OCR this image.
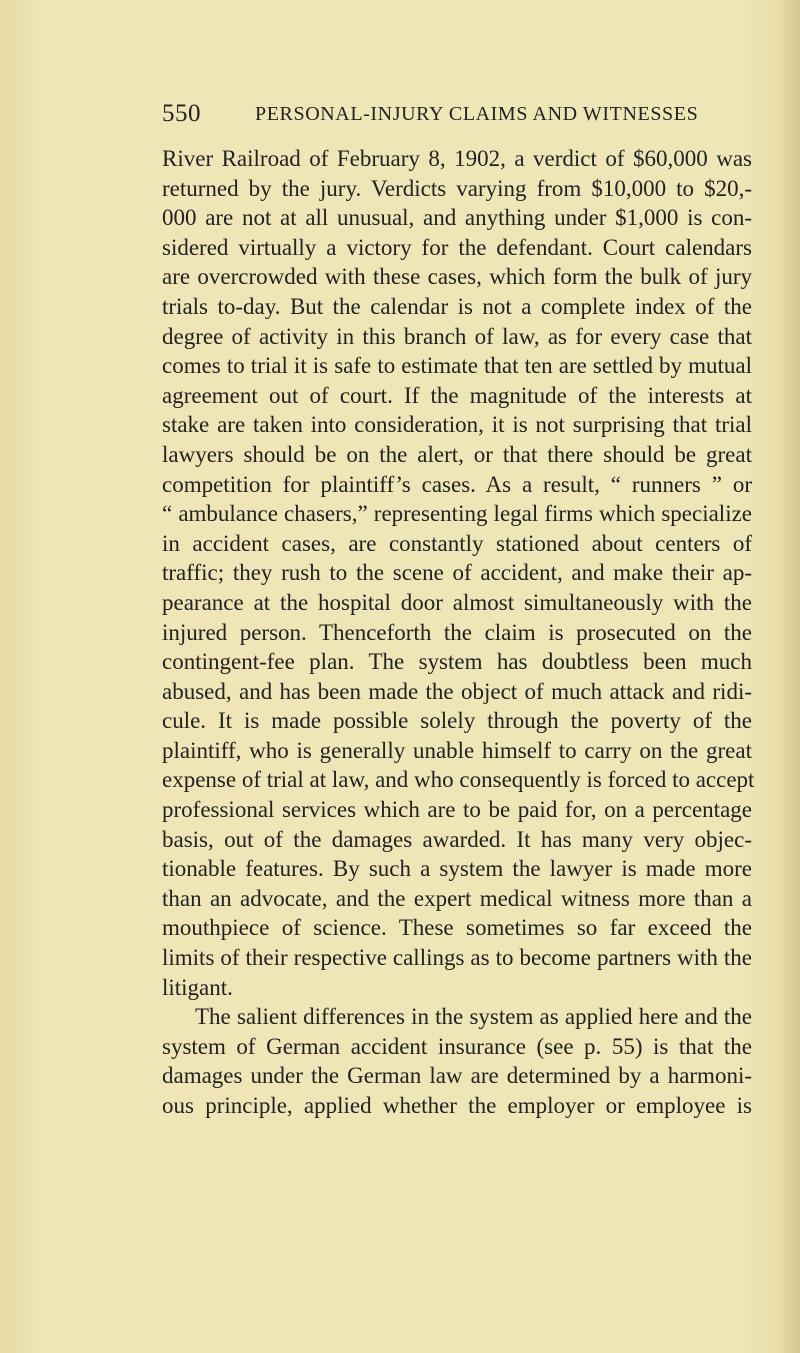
550	PERSONAL-INJURY CLAIMS AND WITNESSES
River Railroad of February 8, 1902, a verdict of $60,000 was
returned by the jury. Verdicts varying from $10,000 to $20,-
000 are not at all unusual, and anything under $1,000 is con-
sidered virtually a victory for the defendant. Court calendars
are overcrowded with these cases, which form the bulk of jury
trials to-day. But the calendar is not a complete index of the
degree of activity in this branch of law, as for every case that
comes to trial it is safe to estimate that ten are settled by mutual
agreement out of court. If the magnitude of the interests at
stake are taken into consideration, it is not surprising that trial
lawyers should be on the alert, or that there should be great
competition for plaintiff’s cases. As a result, “ runners ” or
“ ambulance chasers,” representing legal firms which specialize
in accident cases, are constantly stationed about centers of
traffic; they rush to the scene of accident, and make their ap-
pearance at the hospital door almost simultaneously with the
injured person. Thenceforth the claim is prosecuted on the
contingent-fee plan. The system has doubtless been much
abused, and has been made the object of much attack and ridi-
cule. It is made possible solely through the poverty of the
plaintiff, who is generally unable himself to carry on the great
expense of trial at law, and who consequently is forced to accept
professional services which are to be paid for, on a percentage
basis, out of the damages awarded. It has many very objec-
tionable features. By such a system the lawyer is made more
than an advocate, and the expert medical witness more than a
mouthpiece of science. These sometimes so far exceed the
limits of their respective callings as to become partners with the
litigant.
The salient differences in the system as applied here and the
system of German accident insurance (see p. 55) is that the
damages under the German law are determined by a harmoni-
ous principle, applied whether the employer or employee is
